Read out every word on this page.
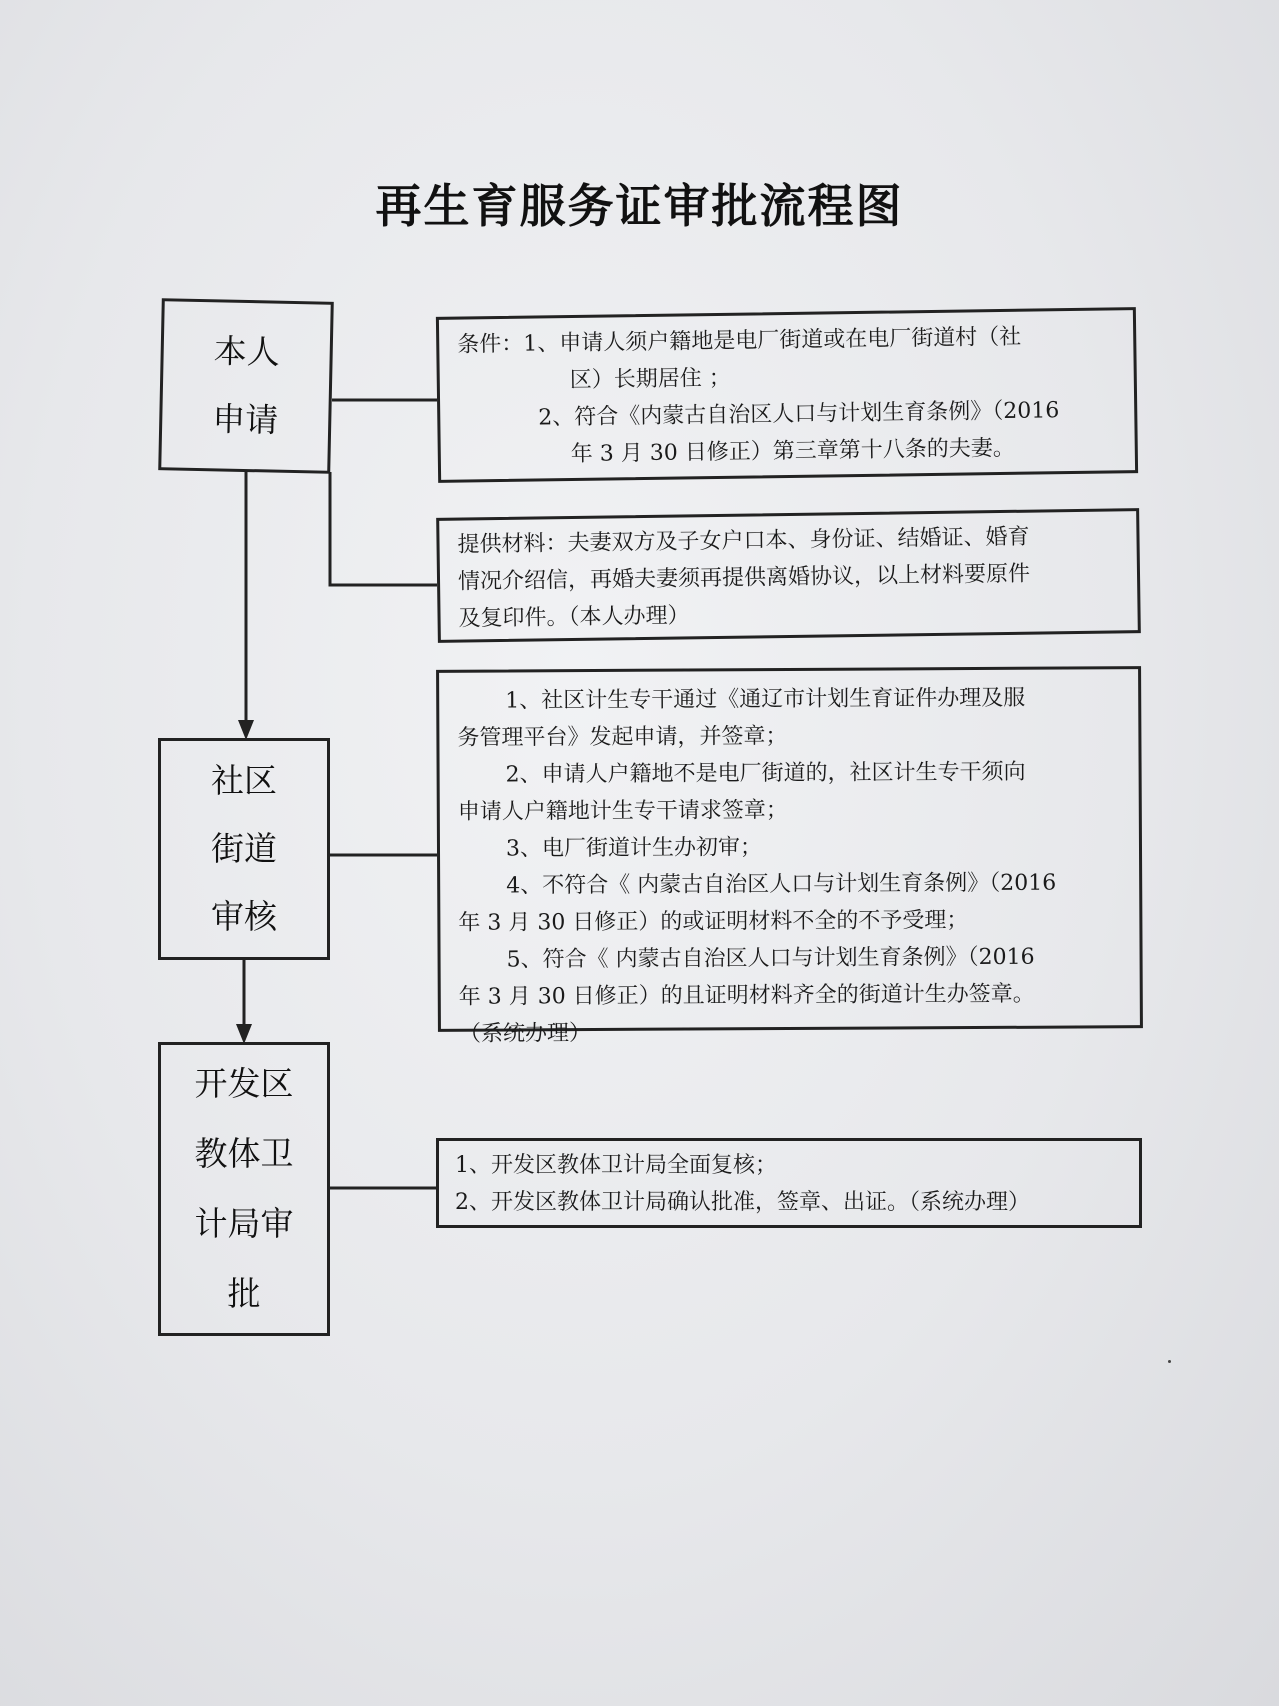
再生育服务证审批流程图
本人
申请
条件：1、申请人须户籍地是电厂街道或在电厂街道村（社
区）长期居住 ；
2、符合《内蒙古自治区人口与计划生育条例》（2016
年 3 月 30 日修正）第三章第十八条的夫妻。
提供材料：夫妻双方及子女户口本、身份证、结婚证、婚育
情况介绍信，再婚夫妻须再提供离婚协议，以上材料要原件
及复印件。（本人办理）
社区
街道
审核
1、社区计生专干通过《通辽市计划生育证件办理及服
务管理平台》发起申请，并签章；
2、申请人户籍地不是电厂街道的，社区计生专干须向
申请人户籍地计生专干请求签章；
3、电厂街道计生办初审；
4、不符合《 内蒙古自治区人口与计划生育条例》（2016
年 3 月 30 日修正）的或证明材料不全的不予受理；
5、符合《 内蒙古自治区人口与计划生育条例》（2016
年 3 月 30 日修正）的且证明材料齐全的街道计生办签章。
（系统办理）
开发区
教体卫
计局审
批
1、开发区教体卫计局全面复核；
2、开发区教体卫计局确认批准，签章、出证。（系统办理）
